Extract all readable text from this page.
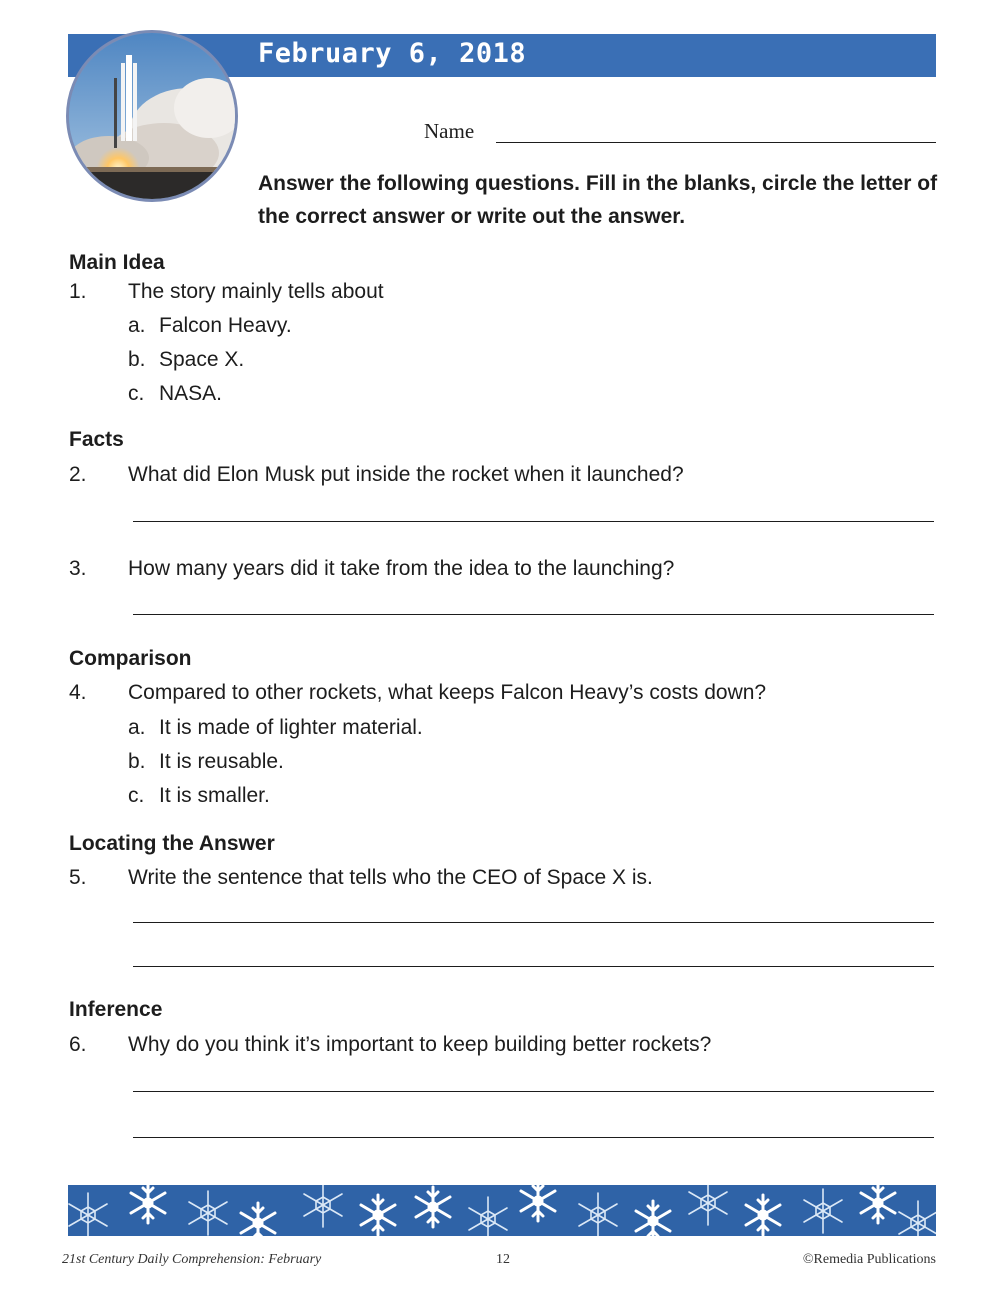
February 6, 2018
Name
Answer the following questions. Fill in the blanks, circle the letter of the correct answer or write out the answer.
Main Idea
1. The story mainly tells about
a. Falcon Heavy.
b. Space X.
c. NASA.
Facts
2. What did Elon Musk put inside the rocket when it launched?
3. How many years did it take from the idea to the launching?
Comparison
4. Compared to other rockets, what keeps Falcon Heavy’s costs down?
a. It is made of lighter material.
b. It is reusable.
c. It is smaller.
Locating the Answer
5. Write the sentence that tells who the CEO of Space X is.
Inference
6. Why do you think it’s important to keep building better rockets?
21st Century Daily Comprehension: February	12	©Remedia Publications
